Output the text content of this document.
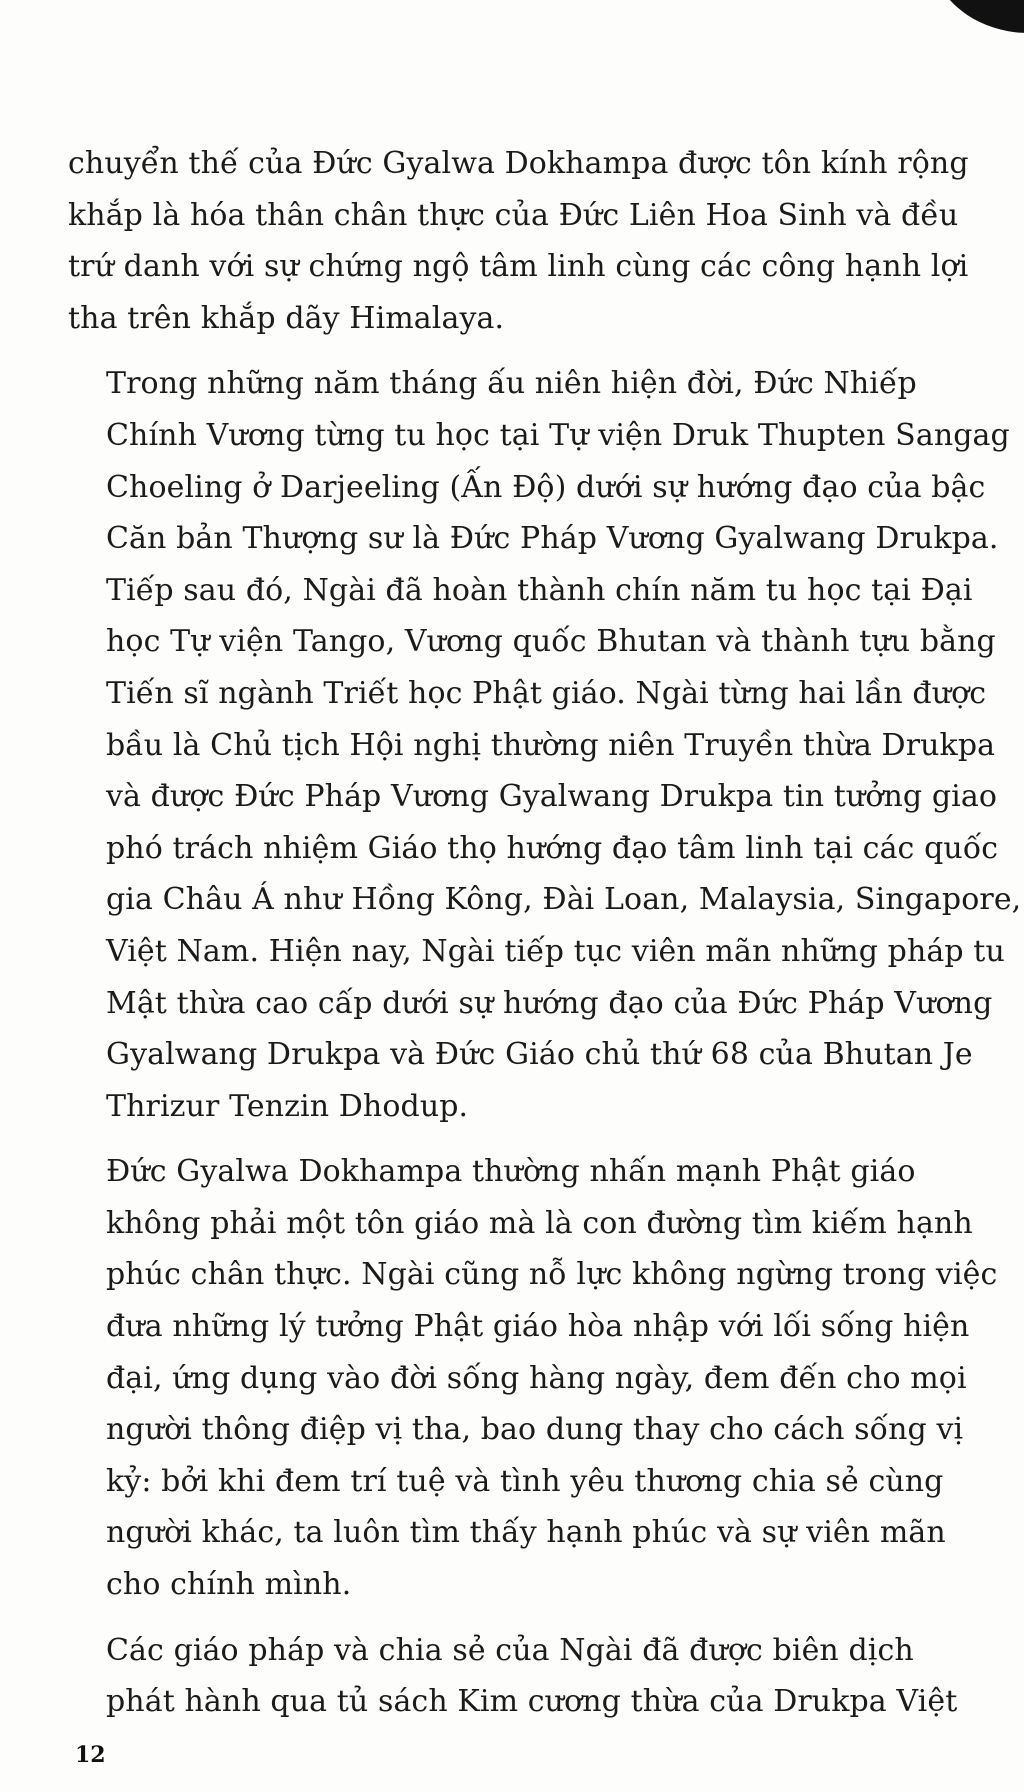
chuyển thế của Đức Gyalwa Dokhampa được tôn kính rộng
khắp là hóa thân chân thực của Đức Liên Hoa Sinh và đều
trứ danh với sự chứng ngộ tâm linh cùng các công hạnh lợi
tha trên khắp dãy Himalaya.

Trong những năm tháng ấu niên hiện đời, Đức Nhiếp
Chính Vương từng tu học tại Tự viện Druk Thupten Sangag
Choeling ở Darjeeling (Ấn Độ) dưới sự hướng đạo của bậc
Căn bản Thượng sư là Đức Pháp Vương Gyalwang Drukpa.
Tiếp sau đó, Ngài đã hoàn thành chín năm tu học tại Đại
học Tự viện Tango, Vương quốc Bhutan và thành tựu bằng
Tiến sĩ ngành Triết học Phật giáo. Ngài từng hai lần được
bầu là Chủ tịch Hội nghị thường niên Truyền thừa Drukpa
và được Đức Pháp Vương Gyalwang Drukpa tin tưởng giao
phó trách nhiệm Giáo thọ hướng đạo tâm linh tại các quốc
gia Châu Á như Hồng Kông, Đài Loan, Malaysia, Singapore,
Việt Nam. Hiện nay, Ngài tiếp tục viên mãn những pháp tu
Mật thừa cao cấp dưới sự hướng đạo của Đức Pháp Vương
Gyalwang Drukpa và Đức Giáo chủ thứ 68 của Bhutan Je
Thrizur Tenzin Dhodup.

Đức Gyalwa Dokhampa thường nhấn mạnh Phật giáo
không phải một tôn giáo mà là con đường tìm kiếm hạnh
phúc chân thực. Ngài cũng nỗ lực không ngừng trong việc
đưa những lý tưởng Phật giáo hòa nhập với lối sống hiện
đại, ứng dụng vào đời sống hàng ngày, đem đến cho mọi
người thông điệp vị tha, bao dung thay cho cách sống vị
kỷ: bởi khi đem trí tuệ và tình yêu thương chia sẻ cùng
người khác, ta luôn tìm thấy hạnh phúc và sự viên mãn
cho chính mình.

Các giáo pháp và chia sẻ của Ngài đã được biên dịch
phát hành qua tủ sách Kim cương thừa của Drukpa Việt

12
